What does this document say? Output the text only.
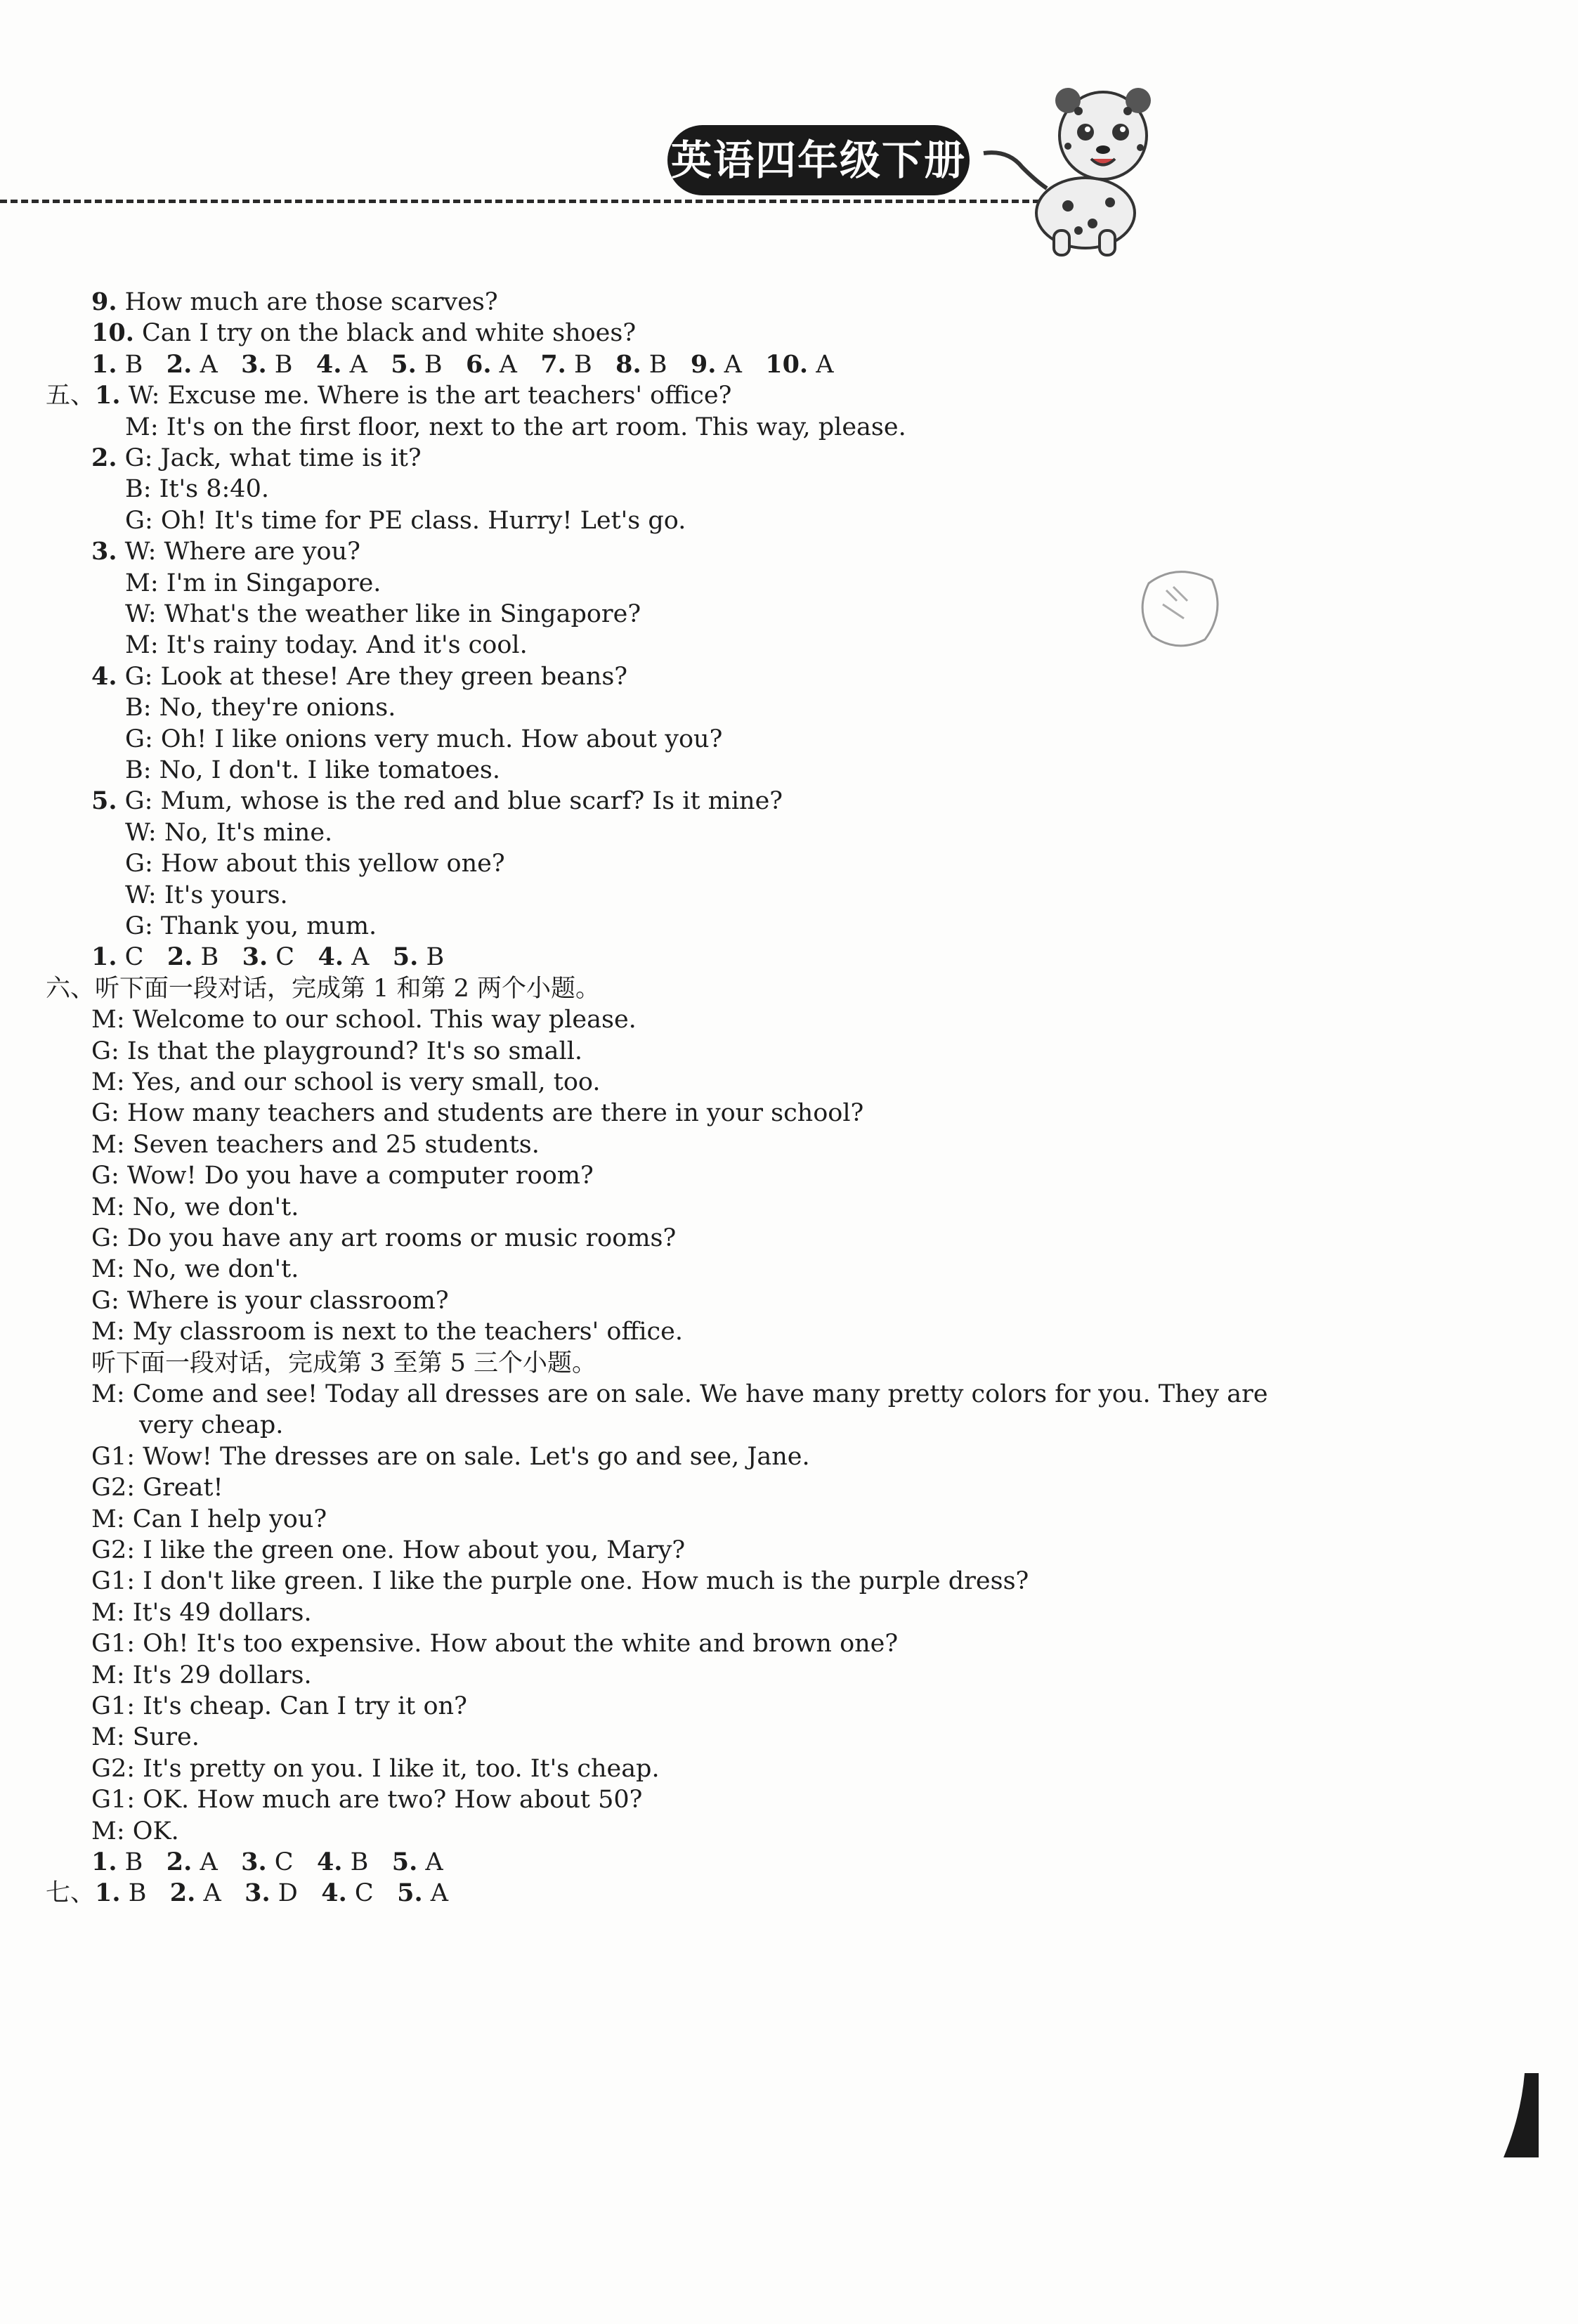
英语四年级下册
9. How much are those scarves?
10. Can I try on the black and white shoes?
1. B   2. A   3. B   4. A   5. B   6. A   7. B   8. B   9. A   10. A
五、1. W: Excuse me. Where is the art teachers' office?
M: It's on the first floor, next to the art room. This way, please.
2. G: Jack, what time is it?
B: It's 8:40.
G: Oh! It's time for PE class. Hurry! Let's go.
3. W: Where are you?
M: I'm in Singapore.
W: What's the weather like in Singapore?
M: It's rainy today. And it's cool.
4. G: Look at these! Are they green beans?
B: No, they're onions.
G: Oh! I like onions very much. How about you?
B: No, I don't. I like tomatoes.
5. G: Mum, whose is the red and blue scarf? Is it mine?
W: No, It's mine.
G: How about this yellow one?
W: It's yours.
G: Thank you, mum.
1. C   2. B   3. C   4. A   5. B
六、听下面一段对话，完成第 1 和第 2 两个小题。
M: Welcome to our school. This way please.
G: Is that the playground? It's so small.
M: Yes, and our school is very small, too.
G: How many teachers and students are there in your school?
M: Seven teachers and 25 students.
G: Wow! Do you have a computer room?
M: No, we don't.
G: Do you have any art rooms or music rooms?
M: No, we don't.
G: Where is your classroom?
M: My classroom is next to the teachers' office.
听下面一段对话，完成第 3 至第 5 三个小题。
M: Come and see! Today all dresses are on sale. We have many pretty colors for you. They are
very cheap.
G1: Wow! The dresses are on sale. Let's go and see, Jane.
G2: Great!
M: Can I help you?
G2: I like the green one. How about you, Mary?
G1: I don't like green. I like the purple one. How much is the purple dress?
M: It's 49 dollars.
G1: Oh! It's too expensive. How about the white and brown one?
M: It's 29 dollars.
G1: It's cheap. Can I try it on?
M: Sure.
G2: It's pretty on you. I like it, too. It's cheap.
G1: OK. How much are two? How about 50?
M: OK.
1. B   2. A   3. C   4. B   5. A
七、1. B   2. A   3. D   4. C   5. A
